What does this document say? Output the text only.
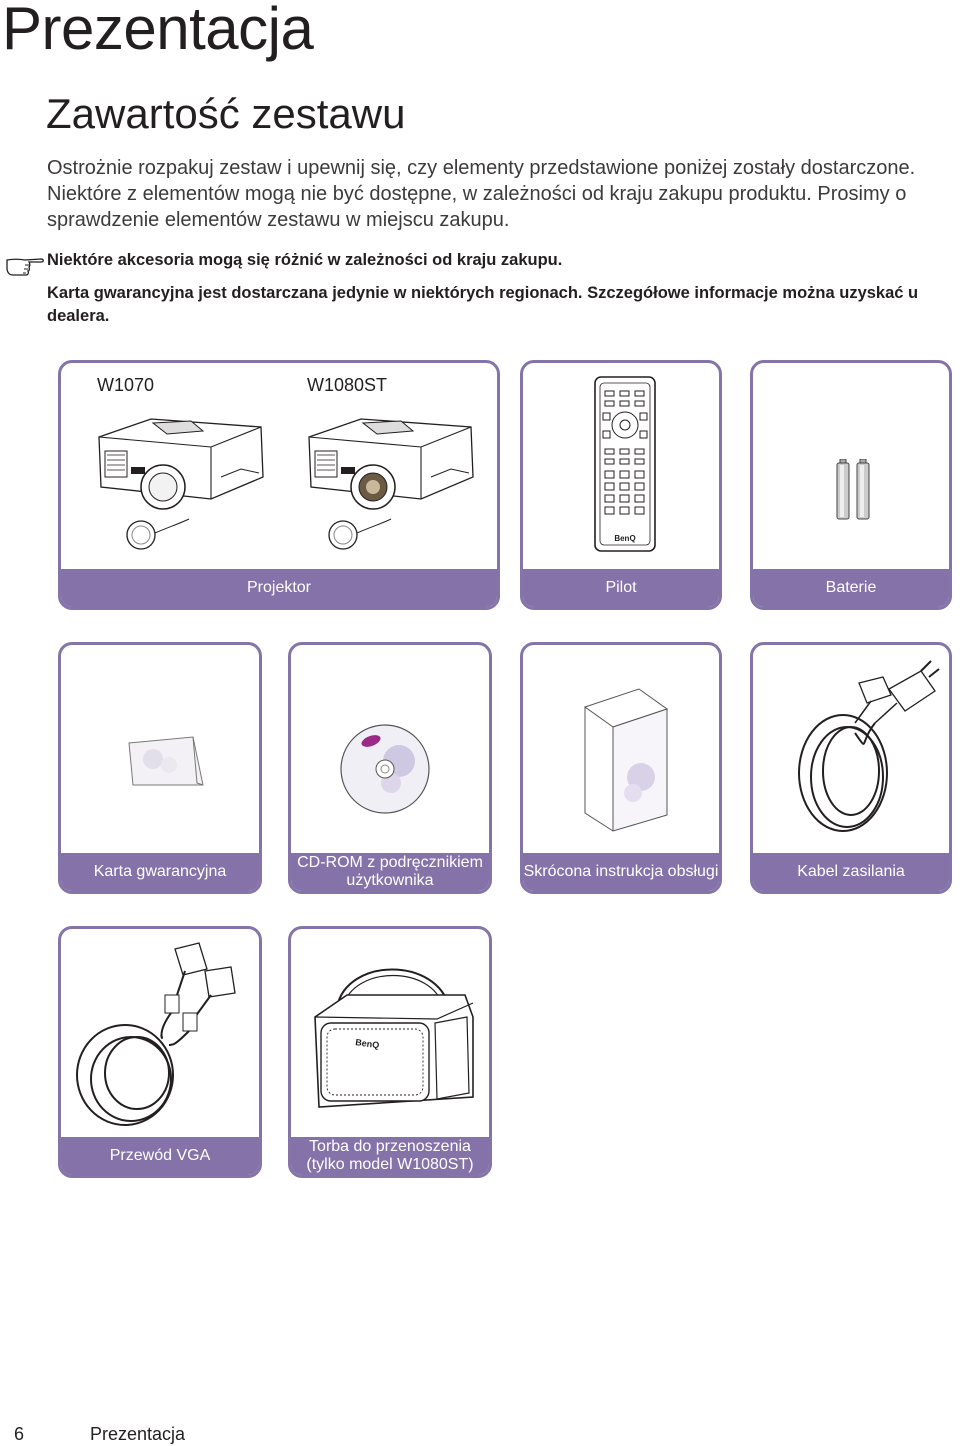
Prezentacja
Zawartość zestawu

Ostrożnie rozpakuj zestaw i upewnij się, czy elementy przedstawione poniżej zostały dostarczone. Niektóre z elementów mogą nie być dostępne, w zależności od kraju zakupu produktu. Prosimy o sprawdzenie elementów zestawu w miejscu zakupu.

Niektóre akcesoria mogą się różnić w zależności od kraju zakupu.

Karta gwarancyjna jest dostarczana jedynie w niektórych regionach. Szczegółowe informacje można uzyskać u dealera.

W1070	W1080ST
Projektor
BenQ
Pilot	Baterie
Karta gwarancyjna
CD-ROM z podręcznikiem użytkownika
Skrócona instrukcja obsługi	Kabel zasilania
Przewód VGA
BenQ
Torba do przenoszenia (tylko model W1080ST)
6	Prezentacja
